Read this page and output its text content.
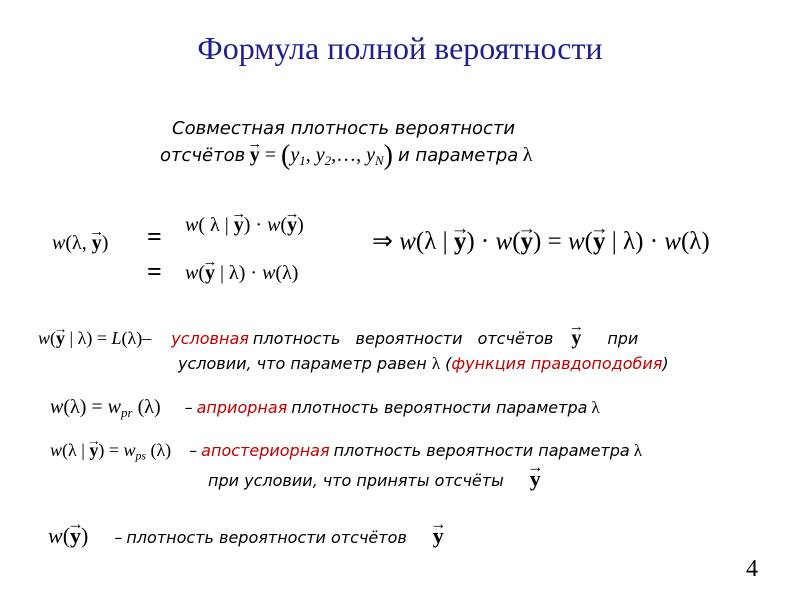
Формула полной вероятности
Совместная плотность вероятности
отсчётов → $y = (y_1$, $y_2,\dots$, $y_N$) и параметра λ
w(λ, → y) =
=
w( λ | → y) · w(→ y)
w(→ y | λ) · w(λ)
⇒ w(λ | → y) · w(→ y) = w(→ y | λ) · w(λ)
w(→ y | λ) = L(λ)– условная плотность вероятности отсчётов → y при
условии, что параметр равен λ (функция правдоподобия)
$w(\lambda) = w_{pr}$ (λ) – априорная плотность вероятности параметра λ
w(λ | → $y) = w_{ps}$ (λ) – апостериорная плотность вероятности параметра λ
при условии, что приняты отсчёты → y
w(→ y) – плотность вероятности отсчётов → y
4
